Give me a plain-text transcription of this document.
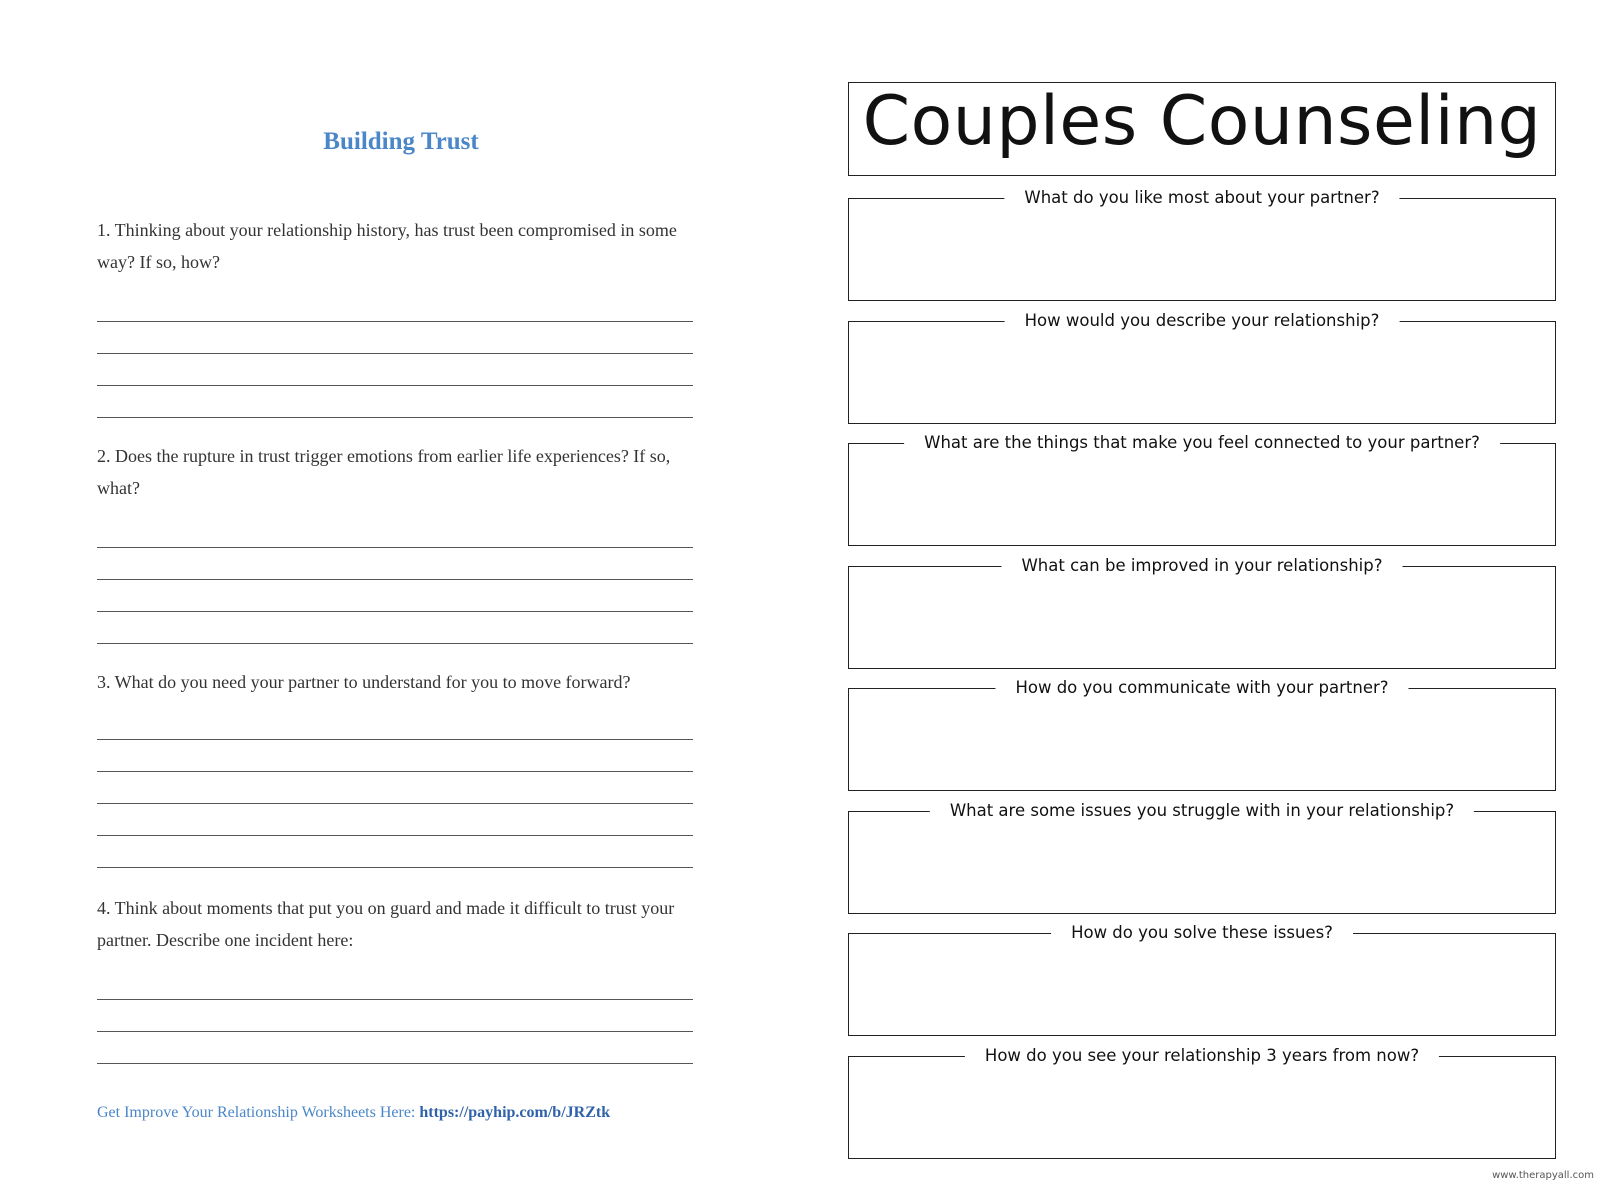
Building Trust
1. Thinking about your relationship history, has trust been compromised in some way? If so, how?
2. Does the rupture in trust trigger emotions from earlier life experiences? If so, what?
3. What do you need your partner to understand for you to move forward?
4. Think about moments that put you on guard and made it difficult to trust your partner. Describe one incident here:
Get Improve Your Relationship Worksheets Here: https://payhip.com/b/JRZtk
Couples Counseling
What do you like most about your partner?
How would you describe your relationship?
What are the things that make you feel connected to your partner?
What can be improved in your relationship?
How do you communicate with your partner?
What are some issues you struggle with in your relationship?
How do you solve these issues?
How do you see your relationship 3 years from now?
www.therapyall.com
